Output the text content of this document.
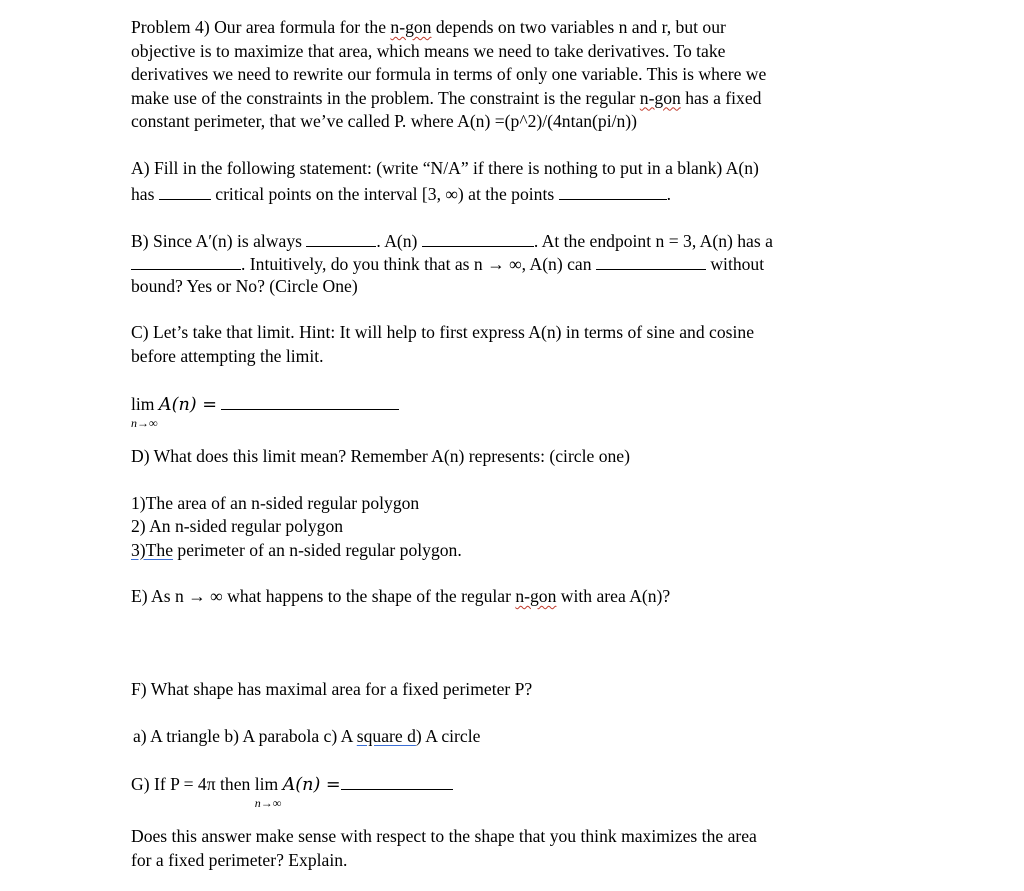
Problem 4) Our area formula for the n-gon depends on two variables n and r, but our
objective is to maximize that area, which means we need to take derivatives. To take
derivatives we need to rewrite our formula in terms of only one variable. This is where we
make use of the constraints in the problem. The constraint is the regular n-gon has a fixed
constant perimeter, that we’ve called P. where A(n) =(p^2)/(4ntan(pi/n))
A) Fill in the following statement: (write “N/A” if there is nothing to put in a blank) A(n)
has	critical points on the interval [3, ∞) at the points	.
B) Since A′(n) is always	. A(n)	. At the endpoint n = 3, A(n) has a
. Intuitively, do you think that as n → ∞, A(n) can	without
bound? Yes or No? (Circle One)
C) Let’s take that limit. Hint: It will help to first express A(n) in terms of sine and cosine
before attempting the limit.
lim
n→∞
A(n) =
D) What does this limit mean? Remember A(n) represents: (circle one)
1)The area of an n-sided regular polygon
2) An n-sided regular polygon
3)The perimeter of an n-sided regular polygon.
E) As n → ∞ what happens to the shape of the regular n-gon with area A(n)?
F) What shape has maximal area for a fixed perimeter P?
a) A triangle b) A parabola c) A square d) A circle
G) If P = 4π then lim
n→∞
A(n) =
Does this answer make sense with respect to the shape that you think maximizes the area
for a fixed perimeter? Explain.
